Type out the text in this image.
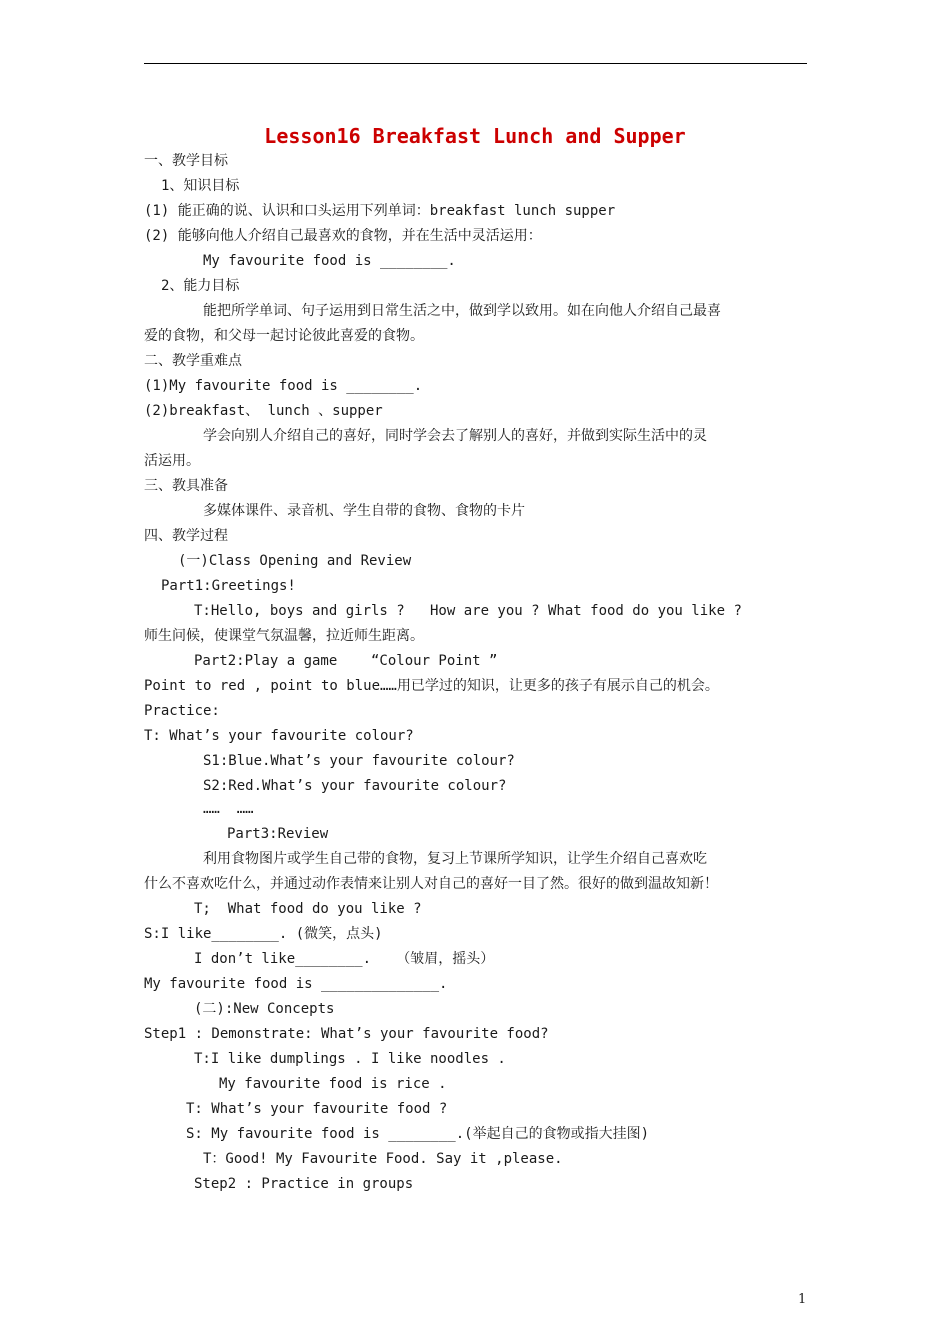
Lesson16 Breakfast Lunch and Supper
一、教学目标
1、知识目标
(1) 能正确的说、认识和口头运用下列单词：breakfast lunch supper
(2) 能够向他人介绍自己最喜欢的食物，并在生活中灵活运用：
My favourite food is ________.
2、能力目标
能把所学单词、句子运用到日常生活之中，做到学以致用。如在向他人介绍自己最喜
爱的食物，和父母一起讨论彼此喜爱的食物。
二、教学重难点
(1)My favourite food is ________.
(2)breakfast、 lunch 、supper
学会向别人介绍自己的喜好，同时学会去了解别人的喜好，并做到实际生活中的灵
活运用。
三、教具准备
多媒体课件、录音机、学生自带的食物、食物的卡片
四、教学过程
(一)Class Opening and Review
Part1:Greetings!
T:Hello, boys and girls ?   How are you ? What food do you like ?
师生问候，使课堂气氛温馨，拉近师生距离。
Part2:Play a game    “Colour Point ”
Point to red , point to blue……用已学过的知识，让更多的孩子有展示自己的机会。
Practice:
T: What’s your favourite colour?
S1:Blue.What’s your favourite colour?
S2:Red.What’s your favourite colour?
……  ……
Part3:Review
利用食物图片或学生自己带的食物，复习上节课所学知识，让学生介绍自己喜欢吃
什么不喜欢吃什么，并通过动作表情来让别人对自己的喜好一目了然。很好的做到温故知新！
T;  What food do you like ?
S:I like________. (微笑，点头)
I don’t like________.   （皱眉，摇头）
My favourite food is ______________.
(二):New Concepts
Step1 : Demonstrate: What’s your favourite food?
T:I like dumplings . I like noodles .
My favourite food is rice .
T: What’s your favourite food ?
S: My favourite food is ________.(举起自己的食物或指大挂图)
T：Good! My Favourite Food. Say it ,please.
Step2 : Practice in groups
1
